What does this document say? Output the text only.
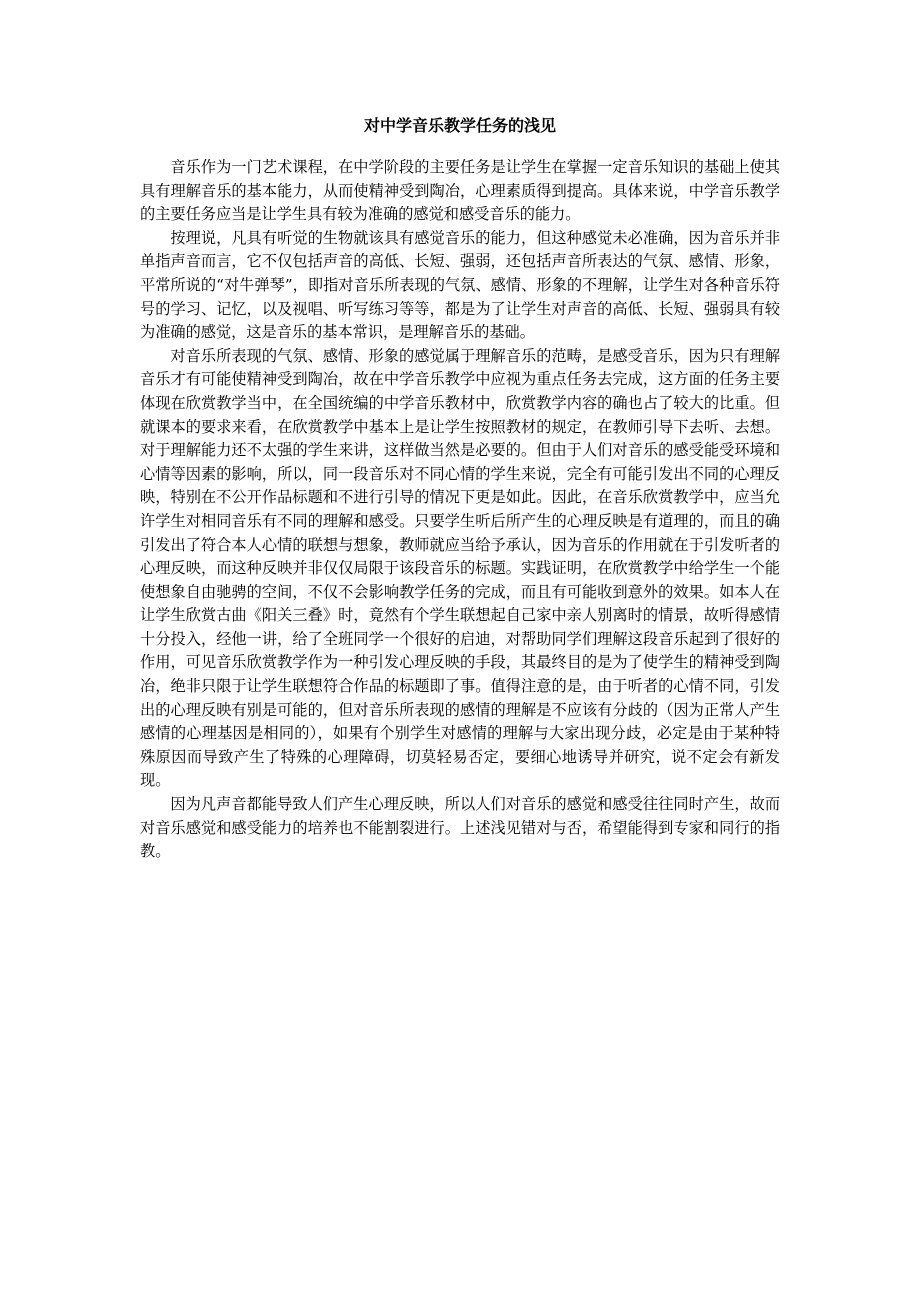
对中学音乐教学任务的浅见

音乐作为一门艺术课程，在中学阶段的主要任务是让学生在掌握一定音乐知识的基础上使其具有理解音乐的基本能力，从而使精神受到陶冶，心理素质得到提高。具体来说，中学音乐教学的主要任务应当是让学生具有较为准确的感觉和感受音乐的能力。

按理说，凡具有听觉的生物就该具有感觉音乐的能力，但这种感觉未必准确，因为音乐并非单指声音而言，它不仅包括声音的高低、长短、强弱，还包括声音所表达的气氛、感情、形象，平常所说的“对牛弹琴”，即指对音乐所表现的气氛、感情、形象的不理解，让学生对各种音乐符号的学习、记忆，以及视唱、听写练习等等，都是为了让学生对声音的高低、长短、强弱具有较为准确的感觉，这是音乐的基本常识，是理解音乐的基础。

对音乐所表现的气氛、感情、形象的感觉属于理解音乐的范畴，是感受音乐，因为只有理解音乐才有可能使精神受到陶冶，故在中学音乐教学中应视为重点任务去完成，这方面的任务主要体现在欣赏教学当中，在全国统编的中学音乐教材中，欣赏教学内容的确也占了较大的比重。但就课本的要求来看，在欣赏教学中基本上是让学生按照教材的规定，在教师引导下去听、去想。对于理解能力还不太强的学生来讲，这样做当然是必要的。但由于人们对音乐的感受能受环境和心情等因素的影响，所以，同一段音乐对不同心情的学生来说，完全有可能引发出不同的心理反映，特别在不公开作品标题和不进行引导的情况下更是如此。因此，在音乐欣赏教学中，应当允许学生对相同音乐有不同的理解和感受。只要学生听后所产生的心理反映是有道理的，而且的确引发出了符合本人心情的联想与想象，教师就应当给予承认，因为音乐的作用就在于引发听者的心理反映，而这种反映并非仅仅局限于该段音乐的标题。实践证明，在欣赏教学中给学生一个能使想象自由驰骋的空间，不仅不会影响教学任务的完成，而且有可能收到意外的效果。如本人在让学生欣赏古曲《阳关三叠》时，竟然有个学生联想起自己家中亲人别离时的情景，故听得感情十分投入，经他一讲，给了全班同学一个很好的启迪，对帮助同学们理解这段音乐起到了很好的作用，可见音乐欣赏教学作为一种引发心理反映的手段，其最终目的是为了使学生的精神受到陶冶，绝非只限于让学生联想符合作品的标题即了事。值得注意的是，由于听者的心情不同，引发出的心理反映有别是可能的，但对音乐所表现的感情的理解是不应该有分歧的（因为正常人产生感情的心理基因是相同的），如果有个别学生对感情的理解与大家出现分歧，必定是由于某种特殊原因而导致产生了特殊的心理障碍，切莫轻易否定，要细心地诱导并研究，说不定会有新发现。

因为凡声音都能导致人们产生心理反映，所以人们对音乐的感觉和感受往往同时产生，故而对音乐感觉和感受能力的培养也不能割裂进行。上述浅见错对与否，希望能得到专家和同行的指教。
